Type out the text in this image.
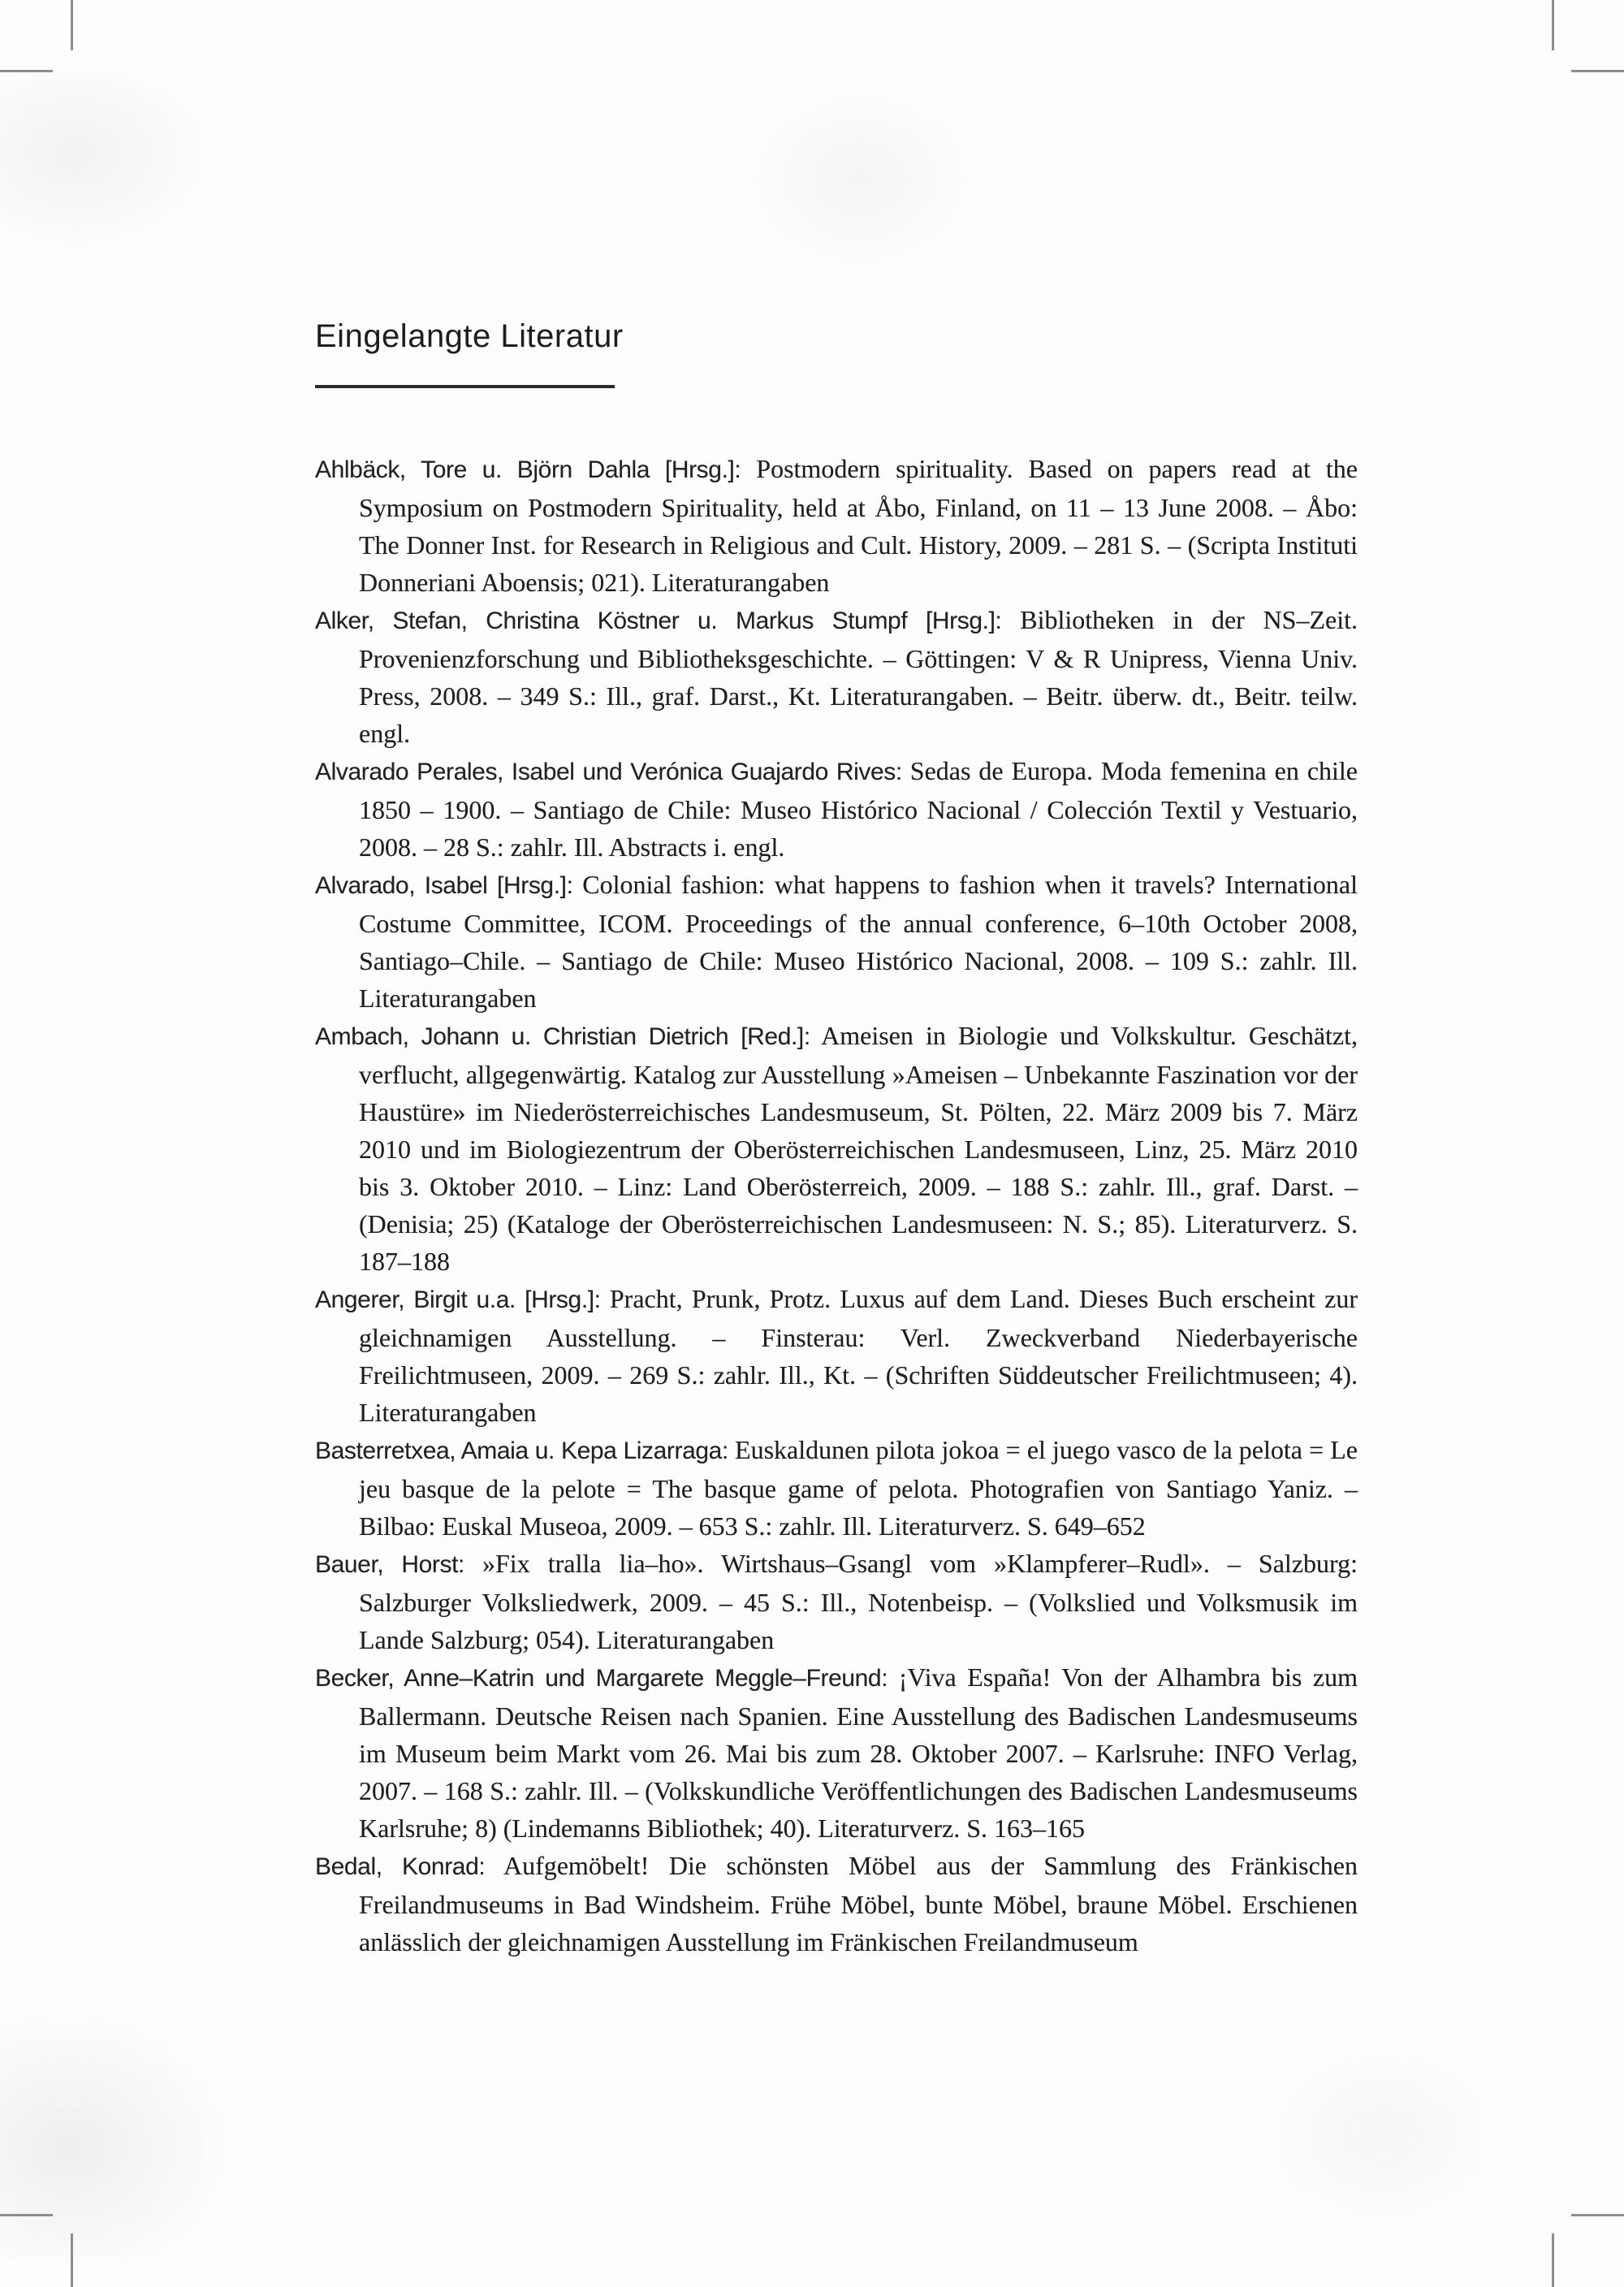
Eingelangte Literatur

Ahlbäck, Tore u. Björn Dahla [Hrsg.]: Postmodern spirituality. Based on papers read at the Symposium on Postmodern Spirituality, held at Åbo, Finland, on 11 – 13 June 2008. – Åbo: The Donner Inst. for Research in Religious and Cult. History, 2009. – 281 S. – (Scripta Instituti Donneriani Aboensis; 021). Literaturangaben

Alker, Stefan, Christina Köstner u. Markus Stumpf [Hrsg.]: Bibliotheken in der NS–Zeit. Provenienzforschung und Bibliotheksgeschichte. – Göttingen: V & R Unipress, Vienna Univ. Press, 2008. – 349 S.: Ill., graf. Darst., Kt. Literaturangaben. – Beitr. überw. dt., Beitr. teilw. engl.

Alvarado Perales, Isabel und Verónica Guajardo Rives: Sedas de Europa. Moda femenina en chile 1850 – 1900. – Santiago de Chile: Museo Histórico Nacional / Colección Textil y Vestuario, 2008. – 28 S.: zahlr. Ill. Abstracts i. engl.

Alvarado, Isabel [Hrsg.]: Colonial fashion: what happens to fashion when it travels? International Costume Committee, ICOM. Proceedings of the annual conference, 6–10th October 2008, Santiago–Chile. – Santiago de Chile: Museo Histórico Nacional, 2008. – 109 S.: zahlr. Ill. Literaturangaben

Ambach, Johann u. Christian Dietrich [Red.]: Ameisen in Biologie und Volkskultur. Geschätzt, verflucht, allgegenwärtig. Katalog zur Ausstellung »Ameisen – Unbekannte Faszination vor der Haustüre» im Niederösterreichisches Landesmuseum, St. Pölten, 22. März 2009 bis 7. März 2010 und im Biologiezentrum der Oberösterreichischen Landesmuseen, Linz, 25. März 2010 bis 3. Oktober 2010. – Linz: Land Oberösterreich, 2009. – 188 S.: zahlr. Ill., graf. Darst. – (Denisia; 25) (Kataloge der Oberösterreichischen Landesmuseen: N. S.; 85). Literaturverz. S. 187–188

Angerer, Birgit u.a. [Hrsg.]: Pracht, Prunk, Protz. Luxus auf dem Land. Dieses Buch erscheint zur gleichnamigen Ausstellung. – Finsterau: Verl. Zweckverband Niederbayerische Freilichtmuseen, 2009. – 269 S.: zahlr. Ill., Kt. – (Schriften Süddeutscher Freilichtmuseen; 4). Literaturangaben

Basterretxea, Amaia u. Kepa Lizarraga: Euskaldunen pilota jokoa = el juego vasco de la pelota = Le jeu basque de la pelote = The basque game of pelota. Photografien von Santiago Yaniz. – Bilbao: Euskal Museoa, 2009. – 653 S.: zahlr. Ill. Literaturverz. S. 649–652

Bauer, Horst: »Fix tralla lia–ho». Wirtshaus–Gsangl vom »Klampferer–Rudl». – Salzburg: Salzburger Volksliedwerk, 2009. – 45 S.: Ill., Notenbeisp. – (Volkslied und Volksmusik im Lande Salzburg; 054). Literaturangaben

Becker, Anne–Katrin und Margarete Meggle–Freund: ¡Viva España! Von der Alhambra bis zum Ballermann. Deutsche Reisen nach Spanien. Eine Ausstellung des Badischen Landesmuseums im Museum beim Markt vom 26. Mai bis zum 28. Oktober 2007. – Karlsruhe: INFO Verlag, 2007. – 168 S.: zahlr. Ill. – (Volkskundliche Veröffentlichungen des Badischen Landesmuseums Karlsruhe; 8) (Lindemanns Bibliothek; 40). Literaturverz. S. 163–165

Bedal, Konrad: Aufgemöbelt! Die schönsten Möbel aus der Sammlung des Fränkischen Freilandmuseums in Bad Windsheim. Frühe Möbel, bunte Möbel, braune Möbel. Erschienen anlässlich der gleichnamigen Ausstellung im Fränkischen Freilandmuseum
